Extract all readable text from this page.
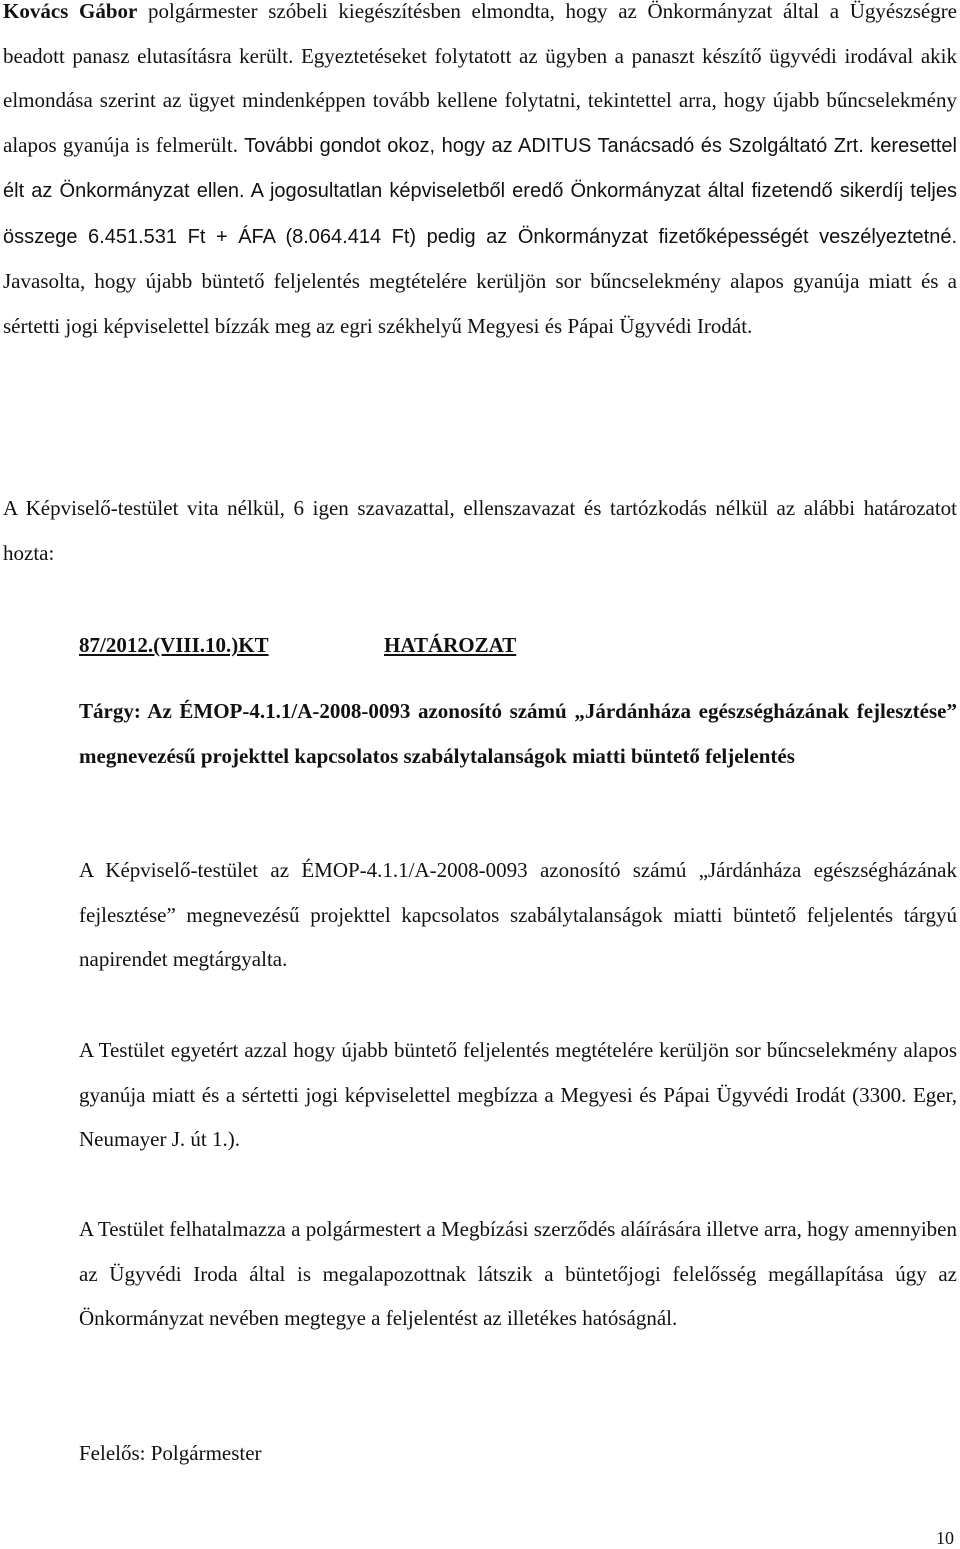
Kovács Gábor polgármester szóbeli kiegészítésben elmondta, hogy az Önkormányzat által a Ügyészségre beadott panasz elutasításra került. Egyeztetéseket folytatott az ügyben a panaszt készítő ügyvédi irodával akik elmondása szerint az ügyet mindenképpen tovább kellene folytatni, tekintettel arra, hogy újabb bűncselekmény alapos gyanúja is felmerült. További gondot okoz, hogy az ADITUS Tanácsadó és Szolgáltató Zrt. keresettel élt az Önkormányzat ellen. A jogosultatlan képviseletből eredő Önkormányzat által fizetendő sikerdíj teljes összege 6.451.531 Ft + ÁFA (8.064.414 Ft) pedig az Önkormányzat fizetőképességét veszélyeztetné. Javasolta, hogy újabb büntető feljelentés megtételére kerüljön sor bűncselekmény alapos gyanúja miatt és a sértetti jogi képviselettel bízzák meg az egri székhelyű Megyesi és Pápai Ügyvédi Irodát.

A Képviselő-testület vita nélkül, 6 igen szavazattal, ellenszavazat és tartózkodás nélkül az alábbi határozatot hozta:

87/2012.(VIII.10.)KT	HATÁROZAT

Tárgy: Az ÉMOP-4.1.1/A-2008-0093 azonosító számú „Járdánháza egészségházának fejlesztése” megnevezésű projekttel kapcsolatos szabálytalanságok miatti büntető feljelentés

A Képviselő-testület az ÉMOP-4.1.1/A-2008-0093 azonosító számú „Járdánháza egészségházának fejlesztése” megnevezésű projekttel kapcsolatos szabálytalanságok miatti büntető feljelentés tárgyú napirendet megtárgyalta.

A Testület egyetért azzal hogy újabb büntető feljelentés megtételére kerüljön sor bűncselekmény alapos gyanúja miatt és a sértetti jogi képviselettel megbízza a Megyesi és Pápai Ügyvédi Irodát (3300. Eger, Neumayer J. út 1.).

A Testület felhatalmazza a polgármestert a Megbízási szerződés aláírására illetve arra, hogy amennyiben az Ügyvédi Iroda által is megalapozottnak látszik a büntetőjogi felelősség megállapítása úgy az Önkormányzat nevében megtegye a feljelentést az illetékes hatóságnál.

Felelős: Polgármester

10
